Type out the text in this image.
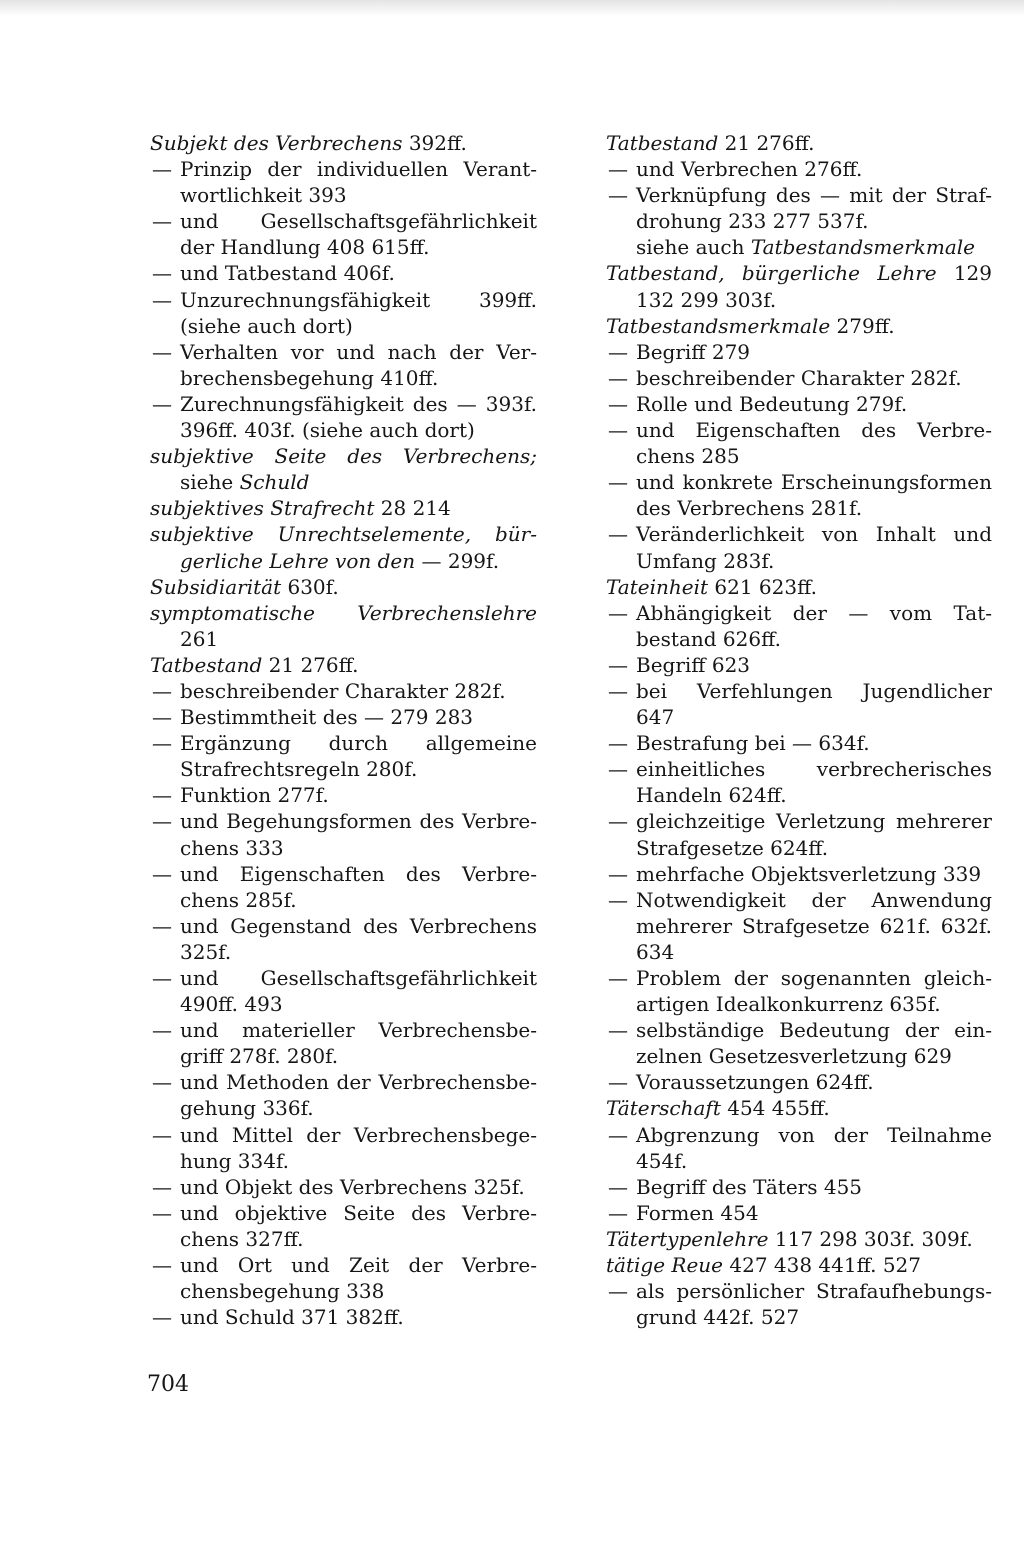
Subjekt des Verbrechens 392ff.
— Prinzip der individuellen Verant-
wortlichkeit 393
— und Gesellschaftsgefährlichkeit
der Handlung 408 615ff.
— und Tatbestand 406f.
— Unzurechnungsfähigkeit 399ff.
(siehe auch dort)
— Verhalten vor und nach der Ver-
brechensbegehung 410ff.
— Zurechnungsfähigkeit des — 393f.
396ff. 403f. (siehe auch dort)
subjektive Seite des Verbrechens;
siehe Schuld
subjektives Strafrecht 28 214
subjektive Unrechtselemente, bür-
gerliche Lehre von den — 299f.
Subsidiarität 630f.
symptomatische Verbrechenslehre
261
Tatbestand 21 276ff.
— beschreibender Charakter 282f.
— Bestimmtheit des — 279 283
— Ergänzung durch allgemeine
Strafrechtsregeln 280f.
— Funktion 277f.
— und Begehungsformen des Verbre-
chens 333
— und Eigenschaften des Verbre-
chens 285f.
— und Gegenstand des Verbrechens
325f.
— und Gesellschaftsgefährlichkeit
490ff. 493
— und materieller Verbrechensbe-
griff 278f. 280f.
— und Methoden der Verbrechensbe-
gehung 336f.
— und Mittel der Verbrechensbege-
hung 334f.
— und Objekt des Verbrechens 325f.
— und objektive Seite des Verbre-
chens 327ff.
— und Ort und Zeit der Verbre-
chensbegehung 338
— und Schuld 371 382ff.
Tatbestand 21 276ff.
— und Verbrechen 276ff.
— Verknüpfung des — mit der Straf-
drohung 233 277 537f.
siehe auch Tatbestandsmerkmale
Tatbestand, bürgerliche Lehre 129
132 299 303f.
Tatbestandsmerkmale 279ff.
— Begriff 279
— beschreibender Charakter 282f.
— Rolle und Bedeutung 279f.
— und Eigenschaften des Verbre-
chens 285
— und konkrete Erscheinungsformen
des Verbrechens 281f.
— Veränderlichkeit von Inhalt und
Umfang 283f.
Tateinheit 621 623ff.
— Abhängigkeit der — vom Tat-
bestand 626ff.
— Begriff 623
— bei Verfehlungen Jugendlicher
647
— Bestrafung bei — 634f.
— einheitliches verbrecherisches
Handeln 624ff.
— gleichzeitige Verletzung mehrerer
Strafgesetze 624ff.
— mehrfache Objektsverletzung 339
— Notwendigkeit der Anwendung
mehrerer Strafgesetze 621f. 632f.
634
— Problem der sogenannten gleich-
artigen Idealkonkurrenz 635f.
— selbständige Bedeutung der ein-
zelnen Gesetzesverletzung 629
— Voraussetzungen 624ff.
Täterschaft 454 455ff.
— Abgrenzung von der Teilnahme
454f.
— Begriff des Täters 455
— Formen 454
Tätertypenlehre 117 298 303f. 309f.
tätige Reue 427 438 441ff. 527
— als persönlicher Strafaufhebungs-
grund 442f. 527
704
